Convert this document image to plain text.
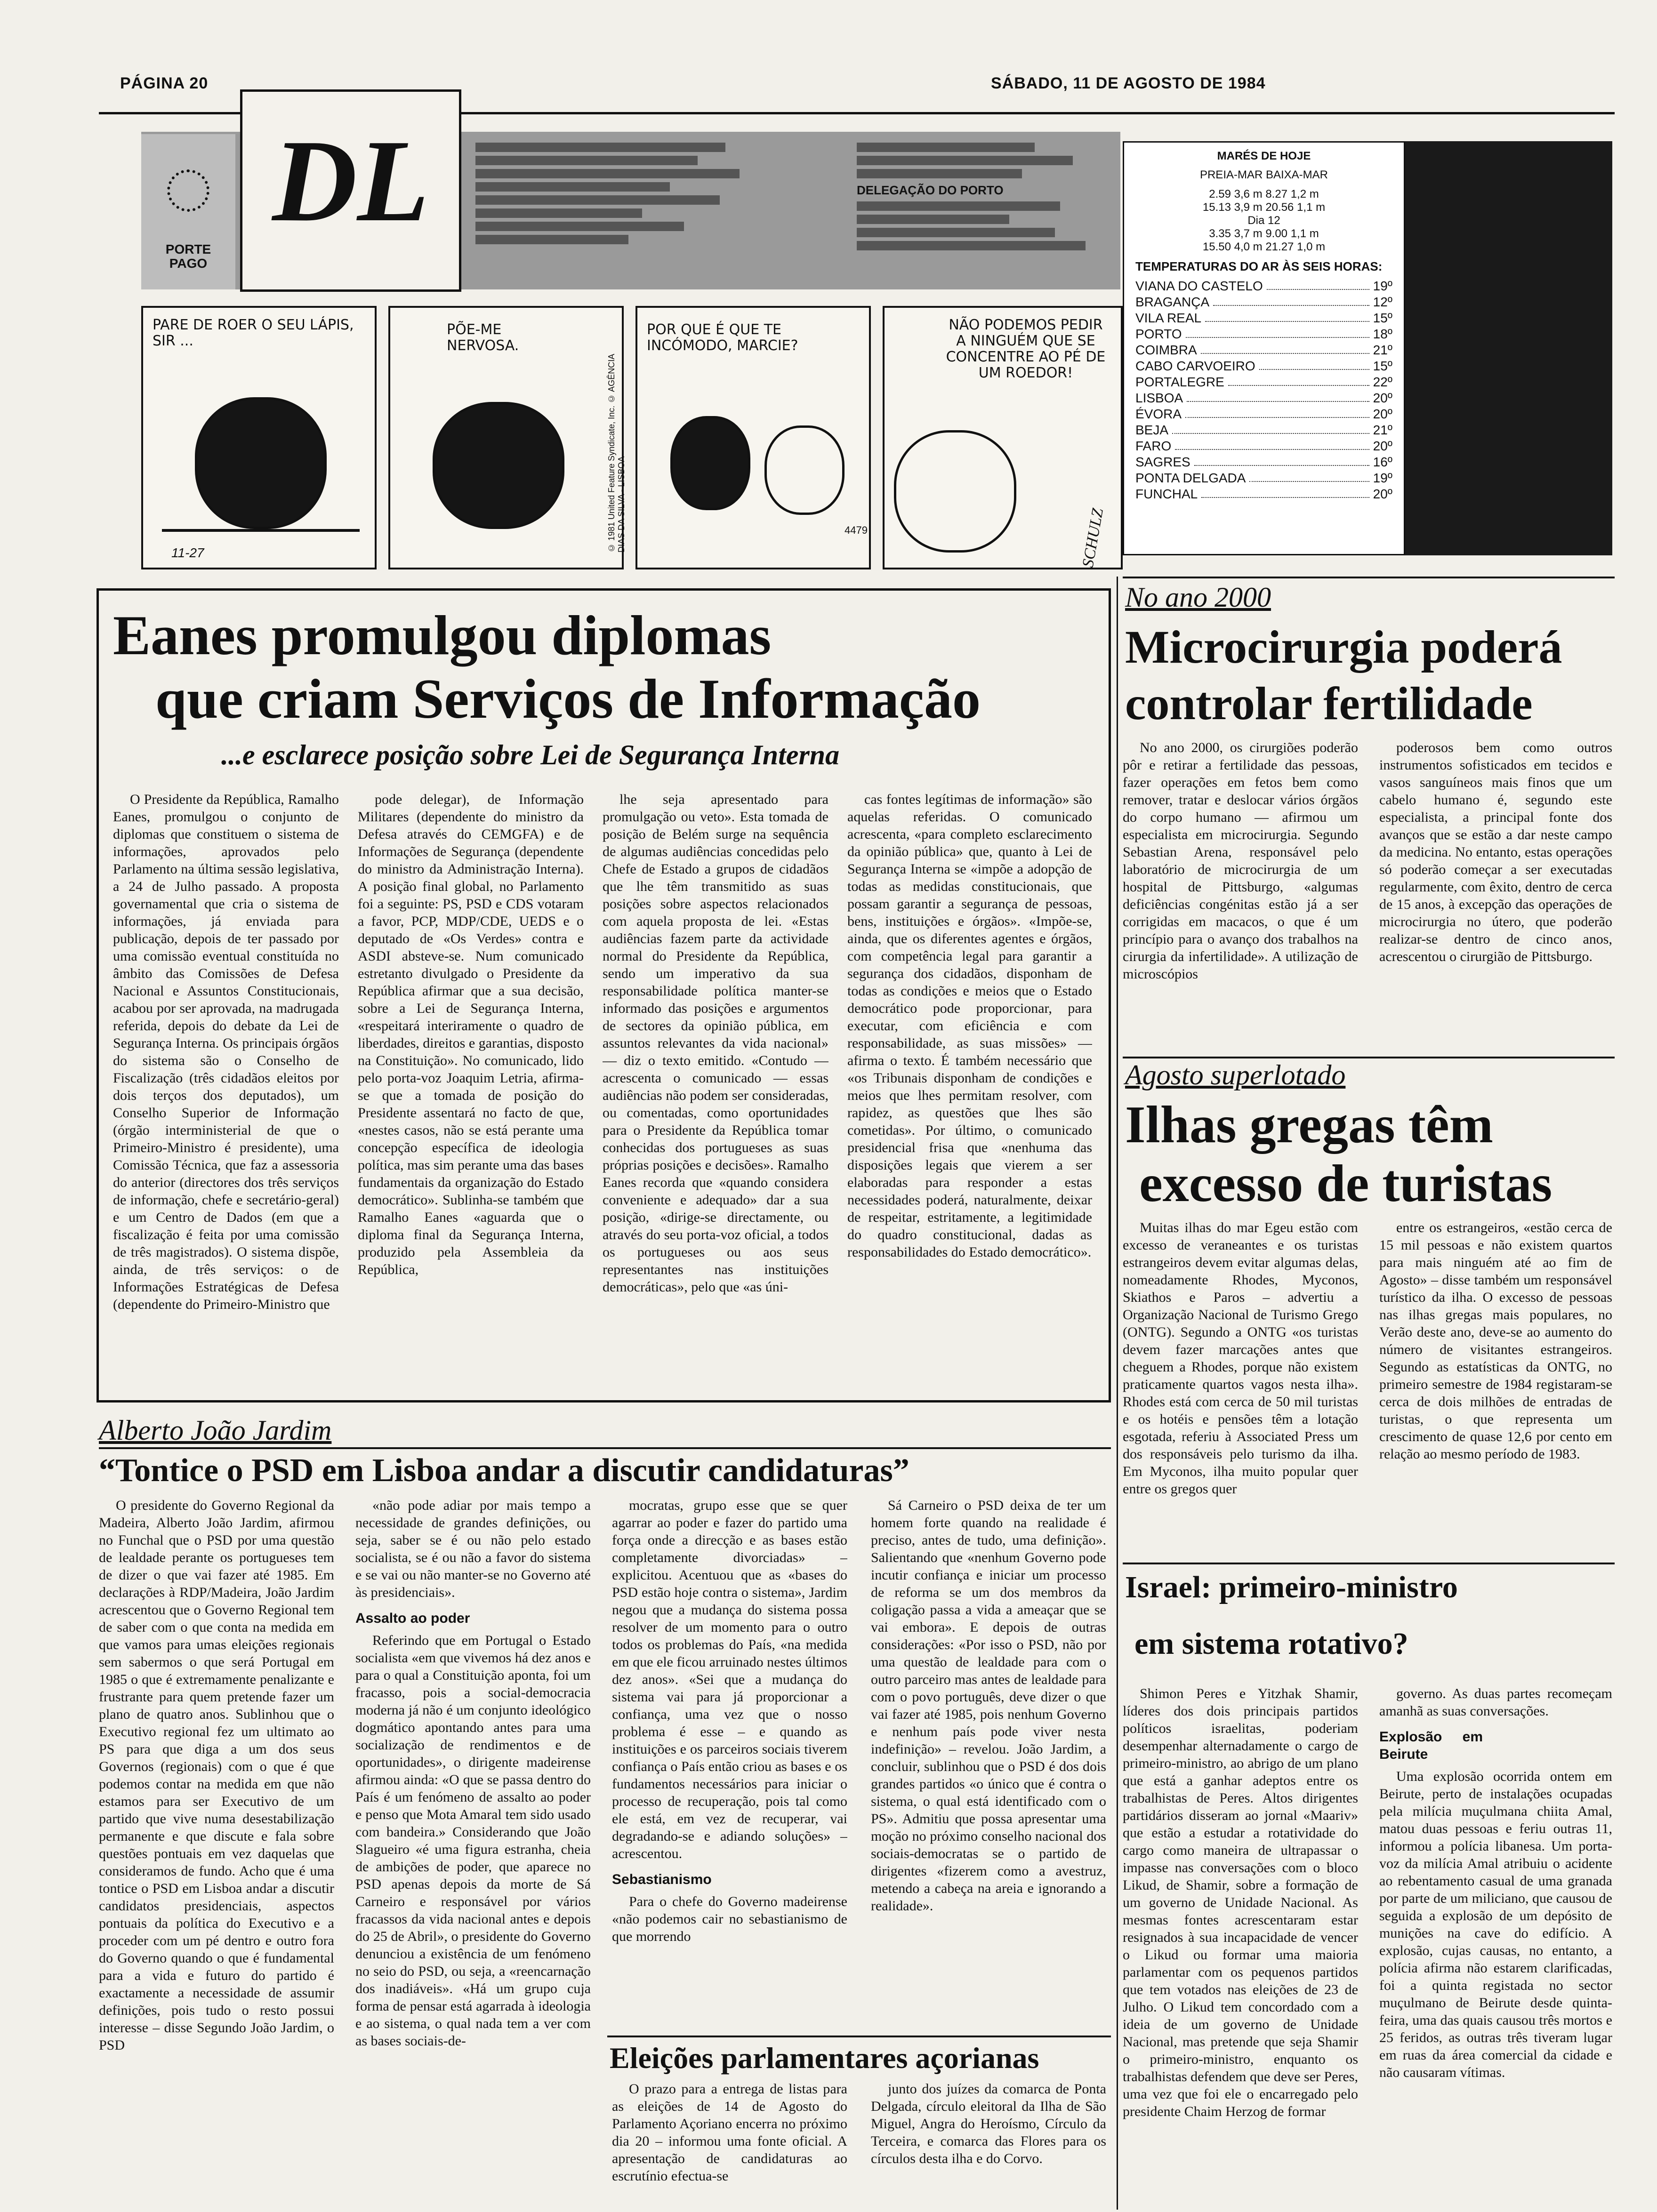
PÁGINA 20	SÁBADO, 11 DE AGOSTO DE 1984
PORTE PAGO
DL	DELEGAÇÃO DO PORTO
PARE DE ROER O SEU LÁPIS, SIR ...
11-27
PÕE-ME NERVOSA.
© 1981 United Feature Syndicate, Inc. © AGÊNCIA DIAS DA SILVA - LISBOA
POR QUE É QUE TE INCÓMODO, MARCIE?
4479
NÃO PODEMOS PEDIR A NINGUÉM QUE SE CONCENTRE AO PÉ DE UM ROEDOR!
SCHULZ
MARÉS DE HOJE
PREIA-MAR BAIXA-MAR
2.59 3,6 m 8.27 1,2 m
15.13 3,9 m 20.56 1,1 m
Dia 12
3.35 3,7 m 9.00 1,1 m
15.50 4,0 m 21.27 1,0 m
TEMPERATURAS DO AR ÀS SEIS HORAS:
VIANA DO CASTELO	19º
BRAGANÇA	12º
VILA REAL	15º
PORTO	18º
COIMBRA	21º
CABO CARVOEIRO	15º
PORTALEGRE	22º
LISBOA	20º
ÉVORA	20º
BEJA	21º
FARO	20º
SAGRES	16º
PONTA DELGADA	19º
FUNCHAL	20º
Eanes promulgou diplomas
que criam Serviços de Informação
...e esclarece posição sobre Lei de Segurança Interna

O Presidente da República, Ramalho Eanes, promulgou o conjunto de diplomas que constituem o sistema de informações, aprovados pelo Parlamento na última sessão legislativa, a 24 de Julho passado. A proposta governamental que cria o sistema de informações, já enviada para publicação, depois de ter passado por uma comissão eventual constituída no âmbito das Comissões de Defesa Nacional e Assuntos Constitucionais, acabou por ser aprovada, na madrugada referida, depois do debate da Lei de Segurança Interna. Os principais órgãos do sistema são o Conselho de Fiscalização (três cidadãos eleitos por dois terços dos deputados), um Conselho Superior de Informação (órgão interministerial de que o Primeiro-Ministro é presidente), uma Comissão Técnica, que faz a assessoria do anterior (directores dos três serviços de informação, chefe e secretário-geral) e um Centro de Dados (em que a fiscalização é feita por uma comissão de três magistrados). O sistema dispõe, ainda, de três serviços: o de Informações Estratégicas de Defesa (dependente do Primeiro-Ministro que

pode delegar), de Informação Militares (dependente do ministro da Defesa através do CEMGFA) e de Informações de Segurança (dependente do ministro da Administração Interna). A posição final global, no Parlamento foi a seguinte: PS, PSD e CDS votaram a favor, PCP, MDP/CDE, UEDS e o deputado de «Os Verdes» contra e ASDI absteve-se. Num comunicado estretanto divulgado o Presidente da República afirmar que a sua decisão, sobre a Lei de Segurança Interna, «respeitará interiramente o quadro de liberdades, direitos e garantias, disposto na Constituição». No comunicado, lido pelo porta-voz Joaquim Letria, afirma-se que a tomada de posição do Presidente assentará no facto de que, «nestes casos, não se está perante uma concepção específica de ideologia política, mas sim perante uma das bases fundamentais da organização do Estado democrático». Sublinha-se também que Ramalho Eanes «aguarda que o diploma final da Segurança Interna, produzido pela Assembleia da República,

lhe seja apresentado para promulgação ou veto». Esta tomada de posição de Belém surge na sequência de algumas audiências concedidas pelo Chefe de Estado a grupos de cidadãos que lhe têm transmitido as suas posições sobre aspectos relacionados com aquela proposta de lei. «Estas audiências fazem parte da actividade normal do Presidente da República, sendo um imperativo da sua responsabilidade política manter-se informado das posições e argumentos de sectores da opinião pública, em assuntos relevantes da vida nacional» — diz o texto emitido. «Contudo — acrescenta o comunicado — essas audiências não podem ser consideradas, ou comentadas, como oportunidades para o Presidente da República tomar conhecidas dos portugueses as suas próprias posições e decisões». Ramalho Eanes recorda que «quando considera conveniente e adequado» dar a sua posição, «dirige-se directamente, ou através do seu porta-voz oficial, a todos os portugueses ou aos seus representantes nas instituições democráticas», pelo que «as úni-

cas fontes legítimas de informação» são aquelas referidas. O comunicado acrescenta, «para completo esclarecimento da opinião pública» que, quanto à Lei de Segurança Interna se «impõe a adopção de todas as medidas constitucionais, que possam garantir a segurança de pessoas, bens, instituições e órgãos». «Impõe-se, ainda, que os diferentes agentes e órgãos, com competência legal para garantir a segurança dos cidadãos, disponham de todas as condições e meios que o Estado democrático pode proporcionar, para executar, com eficiência e com responsabilidade, as suas missões» — afirma o texto. É também necessário que «os Tribunais disponham de condições e meios que lhes permitam resolver, com rapidez, as questões que lhes são cometidas». Por último, o comunicado presidencial frisa que «nenhuma das disposições legais que vierem a ser elaboradas para responder a estas necessidades poderá, naturalmente, deixar de respeitar, estritamente, a legitimidade do quadro constitucional, dadas as responsabilidades do Estado democrático».

No ano 2000
Microcirurgia poderá
controlar fertilidade

No ano 2000, os cirurgiões poderão pôr e retirar a fertilidade das pessoas, fazer operações em fetos bem como remover, tratar e deslocar vários órgãos do corpo humano — afirmou um especialista em microcirurgia. Segundo Sebastian Arena, responsável pelo laboratório de microcirurgia de um hospital de Pittsburgo, «algumas deficiências congénitas estão já a ser corrigidas em macacos, o que é um princípio para o avanço dos trabalhos na cirurgia da infertilidade». A utilização de microscópios

poderosos bem como outros instrumentos sofisticados em tecidos e vasos sanguíneos mais finos que um cabelo humano é, segundo este especialista, a principal fonte dos avanços que se estão a dar neste campo da medicina. No entanto, estas operações só poderão começar a ser executadas regularmente, com êxito, dentro de cerca de 15 anos, à excepção das operações de microcirurgia no útero, que poderão realizar-se dentro de cinco anos, acrescentou o cirurgião de Pittsburgo.

Agosto superlotado
Ilhas gregas têm
excesso de turistas

Muitas ilhas do mar Egeu estão com excesso de veraneantes e os turistas estrangeiros devem evitar algumas delas, nomeadamente Rhodes, Myconos, Skiathos e Paros – advertiu a Organização Nacional de Turismo Grego (ONTG). Segundo a ONTG «os turistas devem fazer marcações antes que cheguem a Rhodes, porque não existem praticamente quartos vagos nesta ilha». Rhodes está com cerca de 50 mil turistas e os hotéis e pensões têm a lotação esgotada, referiu à Associated Press um dos responsáveis pelo turismo da ilha. Em Myconos, ilha muito popular quer entre os gregos quer

entre os estrangeiros, «estão cerca de 15 mil pessoas e não existem quartos para mais ninguém até ao fim de Agosto» – disse também um responsável turístico da ilha. O excesso de pessoas nas ilhas gregas mais populares, no Verão deste ano, deve-se ao aumento do número de visitantes estrangeiros. Segundo as estatísticas da ONTG, no primeiro semestre de 1984 registaram-se cerca de dois milhões de entradas de turistas, o que representa um crescimento de quase 12,6 por cento em relação ao mesmo período de 1983.

Israel: primeiro-ministro
em sistema rotativo?

Shimon Peres e Yitzhak Shamir, líderes dos dois principais partidos políticos israelitas, poderiam desempenhar alternadamente o cargo de primeiro-ministro, ao abrigo de um plano que está a ganhar adeptos entre os trabalhistas de Peres. Altos dirigentes partidários disseram ao jornal «Maariv» que estão a estudar a rotatividade do cargo como maneira de ultrapassar o impasse nas conversações com o bloco Likud, de Shamir, sobre a formação de um governo de Unidade Nacional. As mesmas fontes acrescentaram estar resignados à sua incapacidade de vencer o Likud ou formar uma maioria parlamentar com os pequenos partidos que tem votados nas eleições de 23 de Julho. O Likud tem concordado com a ideia de um governo de Unidade Nacional, mas pretende que seja Shamir o primeiro-ministro, enquanto os trabalhistas defendem que deve ser Peres, uma vez que foi ele o encarregado pelo presidente Chaim Herzog de formar

governo. As duas partes recomeçam amanhã as suas conversações.

Explosão em Beirute

Uma explosão ocorrida ontem em Beirute, perto de instalações ocupadas pela milícia muçulmana chiita Amal, matou duas pessoas e feriu outras 11, informou a polícia libanesa. Um porta-voz da milícia Amal atribuiu o acidente ao rebentamento casual de uma granada por parte de um miliciano, que causou de seguida a explosão de um depósito de munições na cave do edifício. A explosão, cujas causas, no entanto, a polícia afirma não estarem clarificadas, foi a quinta registada no sector muçulmano de Beirute desde quinta-feira, uma das quais causou três mortos e 25 feridos, as outras três tiveram lugar em ruas da área comercial da cidade e não causaram vítimas.

Alberto João Jardim
“Tontice o PSD em Lisboa andar a discutir candidaturas”

O presidente do Governo Regional da Madeira, Alberto João Jardim, afirmou no Funchal que o PSD por uma questão de lealdade perante os portugueses tem de dizer o que vai fazer até 1985. Em declarações à RDP/Madeira, João Jardim acrescentou que o Governo Regional tem de saber com o que conta na medida em que vamos para umas eleições regionais sem sabermos o que será Portugal em 1985 o que é extremamente penalizante e frustrante para quem pretende fazer um plano de quatro anos. Sublinhou que o Executivo regional fez um ultimato ao PS para que diga a um dos seus Governos (regionais) com o que é que podemos contar na medida em que não estamos para ser Executivo de um partido que vive numa desestabilização permanente e que discute e fala sobre questões pontuais em vez daquelas que consideramos de fundo. Acho que é uma tontice o PSD em Lisboa andar a discutir candidatos presidenciais, aspectos pontuais da política do Executivo e a proceder com um pé dentro e outro fora do Governo quando o que é fundamental para a vida e futuro do partido é exactamente a necessidade de assumir definições, pois tudo o resto possui interesse – disse Segundo João Jardim, o PSD

«não pode adiar por mais tempo a necessidade de grandes definições, ou seja, saber se é ou não pelo estado socialista, se é ou não a favor do sistema e se vai ou não manter-se no Governo até às presidenciais».

Assalto ao poder

Referindo que em Portugal o Estado socialista «em que vivemos há dez anos e para o qual a Constituição aponta, foi um fracasso, pois a social-democracia moderna já não é um conjunto ideológico dogmático apontando antes para uma socialização de rendimentos e de oportunidades», o dirigente madeirense afirmou ainda: «O que se passa dentro do País é um fenómeno de assalto ao poder e penso que Mota Amaral tem sido usado com bandeira.» Considerando que João Slagueiro «é uma figura estranha, cheia de ambições de poder, que aparece no PSD apenas depois da morte de Sá Carneiro e responsável por vários fracassos da vida nacional antes e depois do 25 de Abril», o presidente do Governo denunciou a existência de um fenómeno no seio do PSD, ou seja, a «reencarnação dos inadiáveis». «Há um grupo cuja forma de pensar está agarrada à ideologia e ao sistema, o qual nada tem a ver com as bases sociais-de-

mocratas, grupo esse que se quer agarrar ao poder e fazer do partido uma força onde a direcção e as bases estão completamente divorciadas» – explicitou. Acentuou que as «bases do PSD estão hoje contra o sistema», Jardim negou que a mudança do sistema possa resolver de um momento para o outro todos os problemas do País, «na medida em que ele ficou arruinado nestes últimos dez anos». «Sei que a mudança do sistema vai para já proporcionar a confiança, uma vez que o nosso problema é esse – e quando as instituições e os parceiros sociais tiverem confiança o País então criou as bases e os fundamentos necessários para iniciar o processo de recuperação, pois tal como ele está, em vez de recuperar, vai degradando-se e adiando soluções» – acrescentou.

Sebastianismo

Para o chefe do Governo madeirense «não podemos cair no sebastianismo de que morrendo

Sá Carneiro o PSD deixa de ter um homem forte quando na realidade é preciso, antes de tudo, uma definição». Salientando que «nenhum Governo pode incutir confiança e iniciar um processo de reforma se um dos membros da coligação passa a vida a ameaçar que se vai embora». E depois de outras considerações: «Por isso o PSD, não por uma questão de lealdade para com o outro parceiro mas antes de lealdade para com o povo português, deve dizer o que vai fazer até 1985, pois nenhum Governo e nenhum país pode viver nesta indefinição» – revelou. João Jardim, a concluir, sublinhou que o PSD é dos dois grandes partidos «o único que é contra o sistema, o qual está identificado com o PS». Admitiu que possa apresentar uma moção no próximo conselho nacional dos sociais-democratas se o partido de dirigentes «fizerem como a avestruz, metendo a cabeça na areia e ignorando a realidade».

Eleições parlamentares açorianas

O prazo para a entrega de listas para as eleições de 14 de Agosto do Parlamento Açoriano encerra no próximo dia 20 – informou uma fonte oficial. A apresentação de candidaturas ao escrutínio efectua-se

junto dos juízes da comarca de Ponta Delgada, círculo eleitoral da Ilha de São Miguel, Angra do Heroísmo, Círculo da Terceira, e comarca das Flores para os círculos desta ilha e do Corvo.
